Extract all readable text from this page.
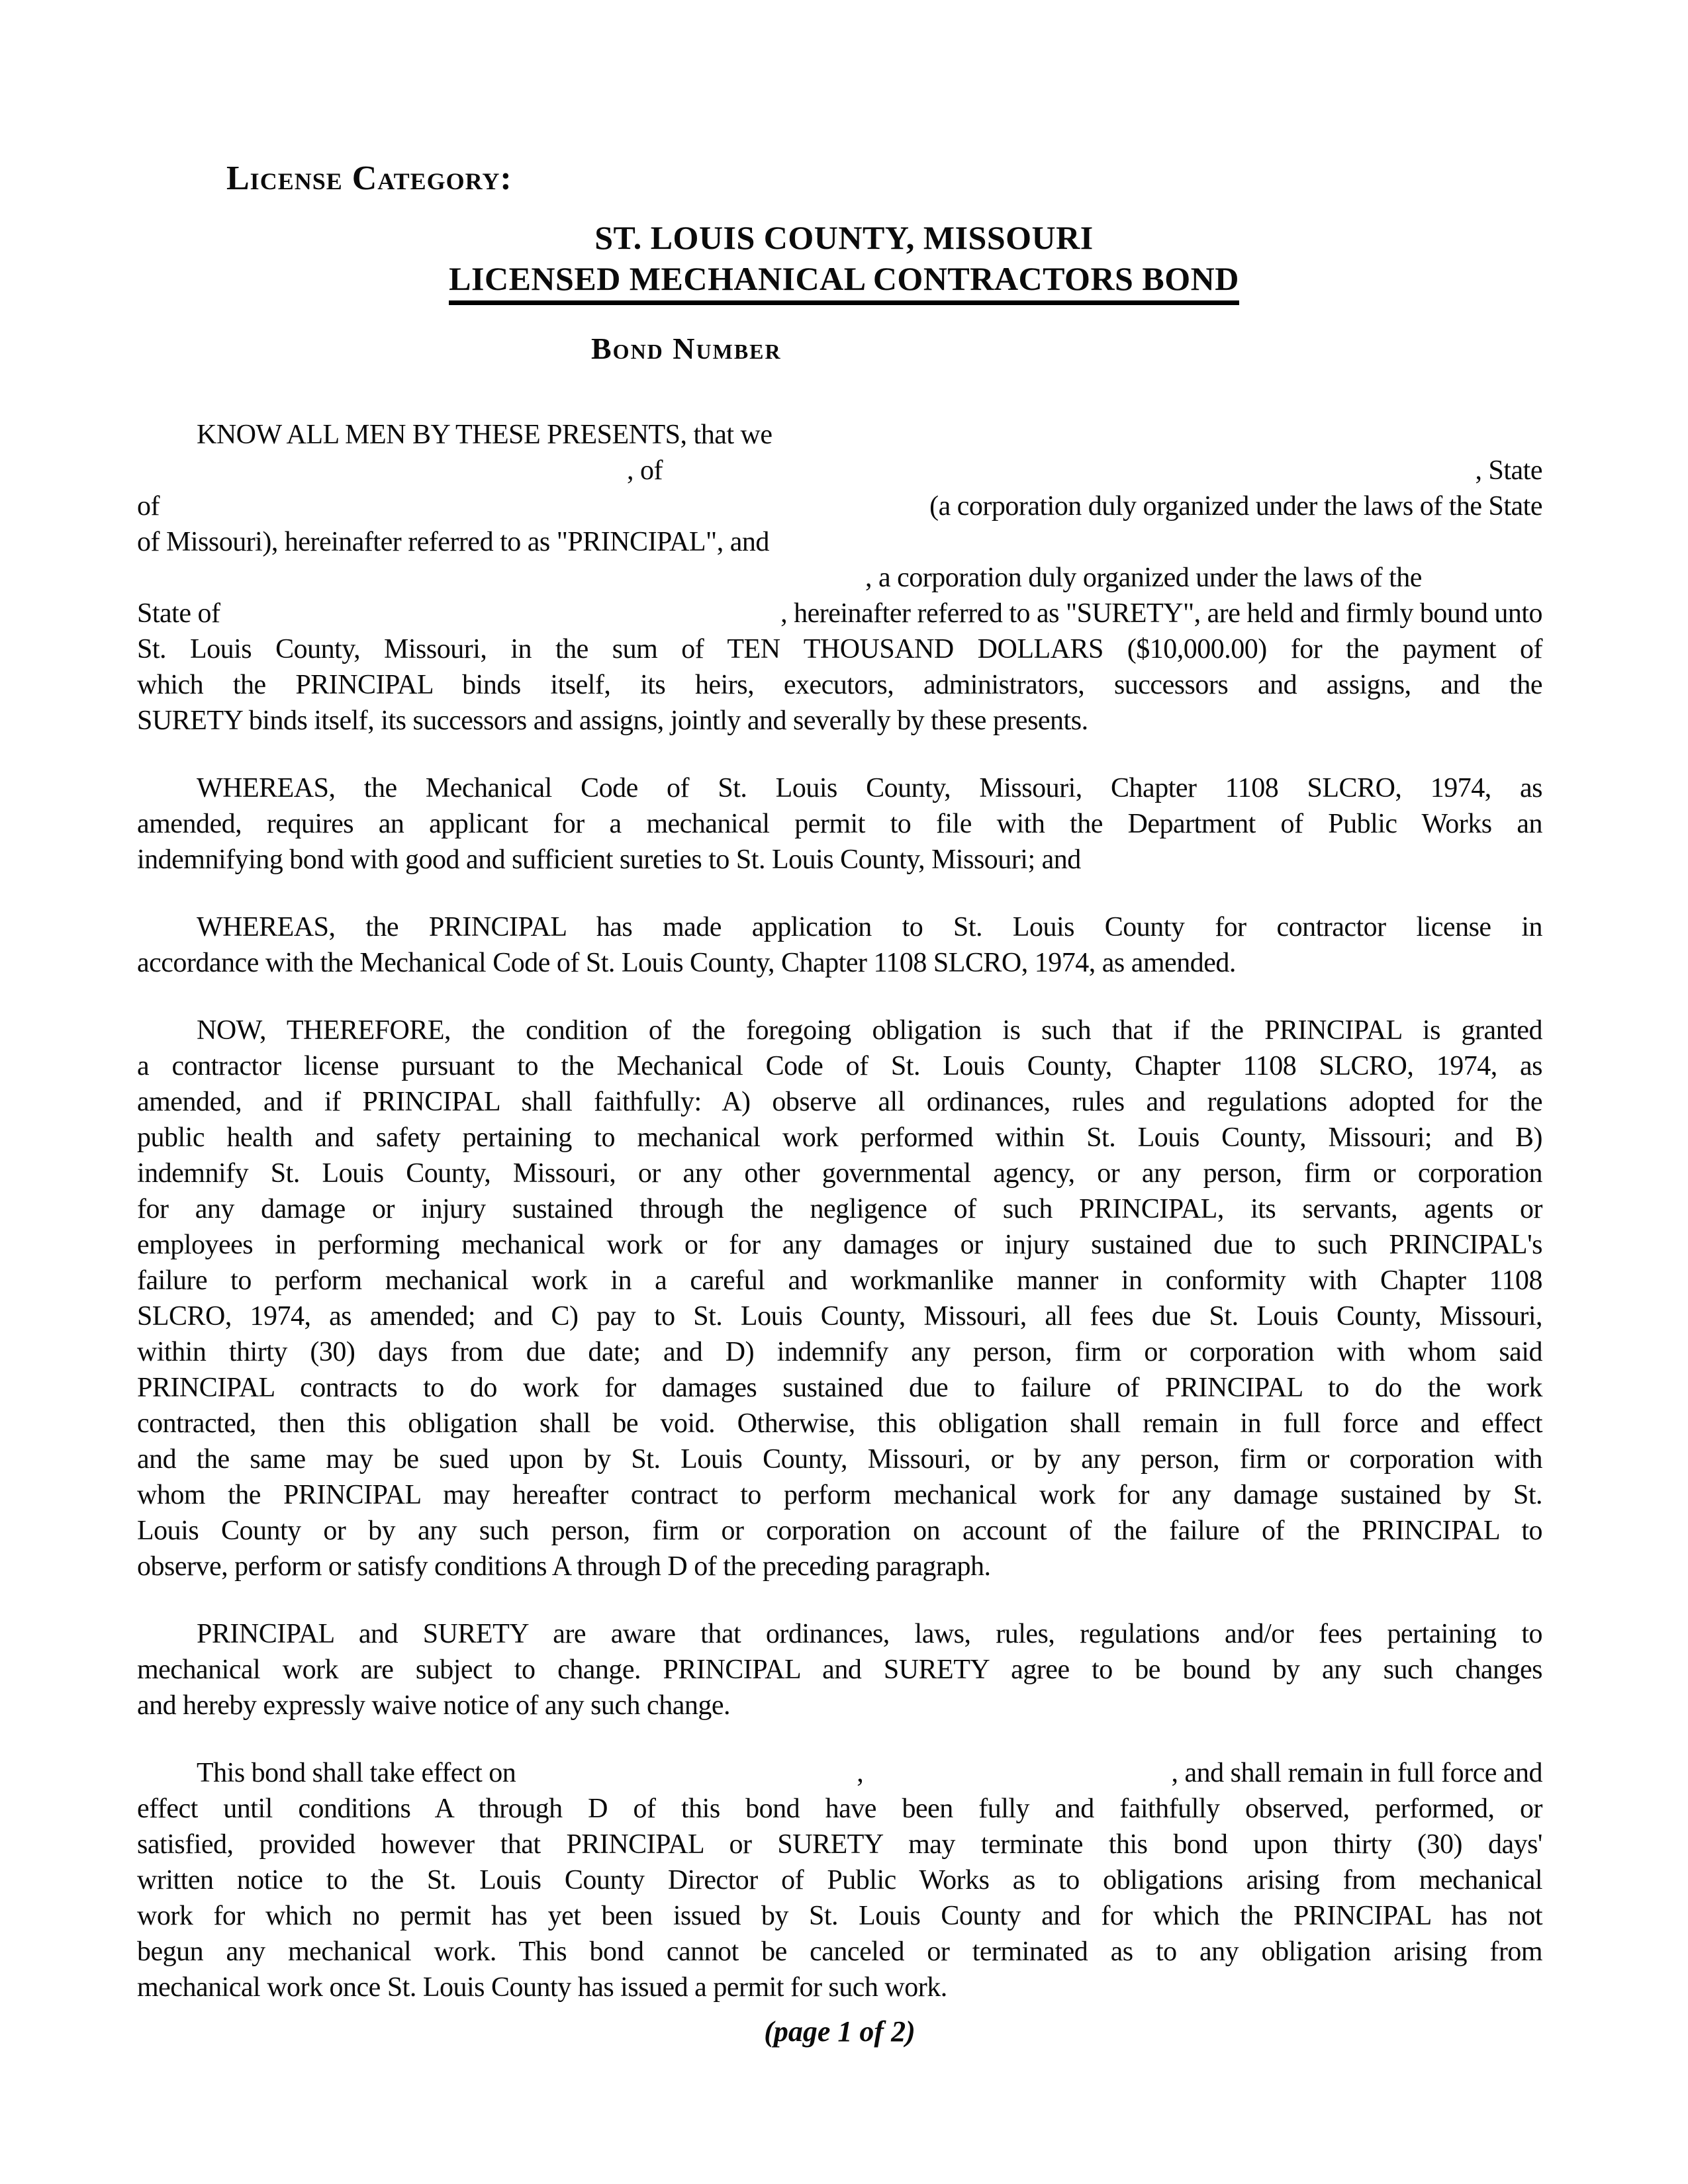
License Category:
ST. LOUIS COUNTY, MISSOURI
LICENSED MECHANICAL CONTRACTORS BOND
Bond Number
KNOW ALL MEN BY THESE PRESENTS, that we
, of	, State
of	(a corporation duly organized under the laws of the State
of Missouri), hereinafter referred to as "PRINCIPAL", and
, a corporation duly organized under the laws of the
State of	, hereinafter referred to as "SURETY", are held and firmly bound unto
St. Louis County, Missouri, in the sum of TEN THOUSAND DOLLARS ($10,000.00) for the payment of
which the PRINCIPAL binds itself, its heirs, executors, administrators, successors and assigns, and the
SURETY binds itself, its successors and assigns, jointly and severally by these presents.
WHEREAS, the Mechanical Code of St. Louis County, Missouri, Chapter 1108 SLCRO, 1974, as
amended, requires an applicant for a mechanical permit to file with the Department of Public Works an
indemnifying bond with good and sufficient sureties to St. Louis County, Missouri; and
WHEREAS, the PRINCIPAL has made application to St. Louis County for contractor license in
accordance with the Mechanical Code of St. Louis County, Chapter 1108 SLCRO, 1974, as amended.
NOW, THEREFORE, the condition of the foregoing obligation is such that if the PRINCIPAL is granted
a contractor license pursuant to the Mechanical Code of St. Louis County, Chapter 1108 SLCRO, 1974, as
amended, and if PRINCIPAL shall faithfully: A) observe all ordinances, rules and regulations adopted for the
public health and safety pertaining to mechanical work performed within St. Louis County, Missouri; and B)
indemnify St. Louis County, Missouri, or any other governmental agency, or any person, firm or corporation
for any damage or injury sustained through the negligence of such PRINCIPAL, its servants, agents or
employees in performing mechanical work or for any damages or injury sustained due to such PRINCIPAL's
failure to perform mechanical work in a careful and workmanlike manner in conformity with Chapter 1108
SLCRO, 1974, as amended; and C) pay to St. Louis County, Missouri, all fees due St. Louis County, Missouri,
within thirty (30) days from due date; and D) indemnify any person, firm or corporation with whom said
PRINCIPAL contracts to do work for damages sustained due to failure of PRINCIPAL to do the work
contracted, then this obligation shall be void. Otherwise, this obligation shall remain in full force and effect
and the same may be sued upon by St. Louis County, Missouri, or by any person, firm or corporation with
whom the PRINCIPAL may hereafter contract to perform mechanical work for any damage sustained by St.
Louis County or by any such person, firm or corporation on account of the failure of the PRINCIPAL to
observe, perform or satisfy conditions A through D of the preceding paragraph.
PRINCIPAL and SURETY are aware that ordinances, laws, rules, regulations and/or fees pertaining to
mechanical work are subject to change. PRINCIPAL and SURETY agree to be bound by any such changes
and hereby expressly waive notice of any such change.
This bond shall take effect on	,	, and shall remain in full force and
effect until conditions A through D of this bond have been fully and faithfully observed, performed, or
satisfied, provided however that PRINCIPAL or SURETY may terminate this bond upon thirty (30) days'
written notice to the St. Louis County Director of Public Works as to obligations arising from mechanical
work for which no permit has yet been issued by St. Louis County and for which the PRINCIPAL has not
begun any mechanical work. This bond cannot be canceled or terminated as to any obligation arising from
mechanical work once St. Louis County has issued a permit for such work.
(page 1 of 2)
